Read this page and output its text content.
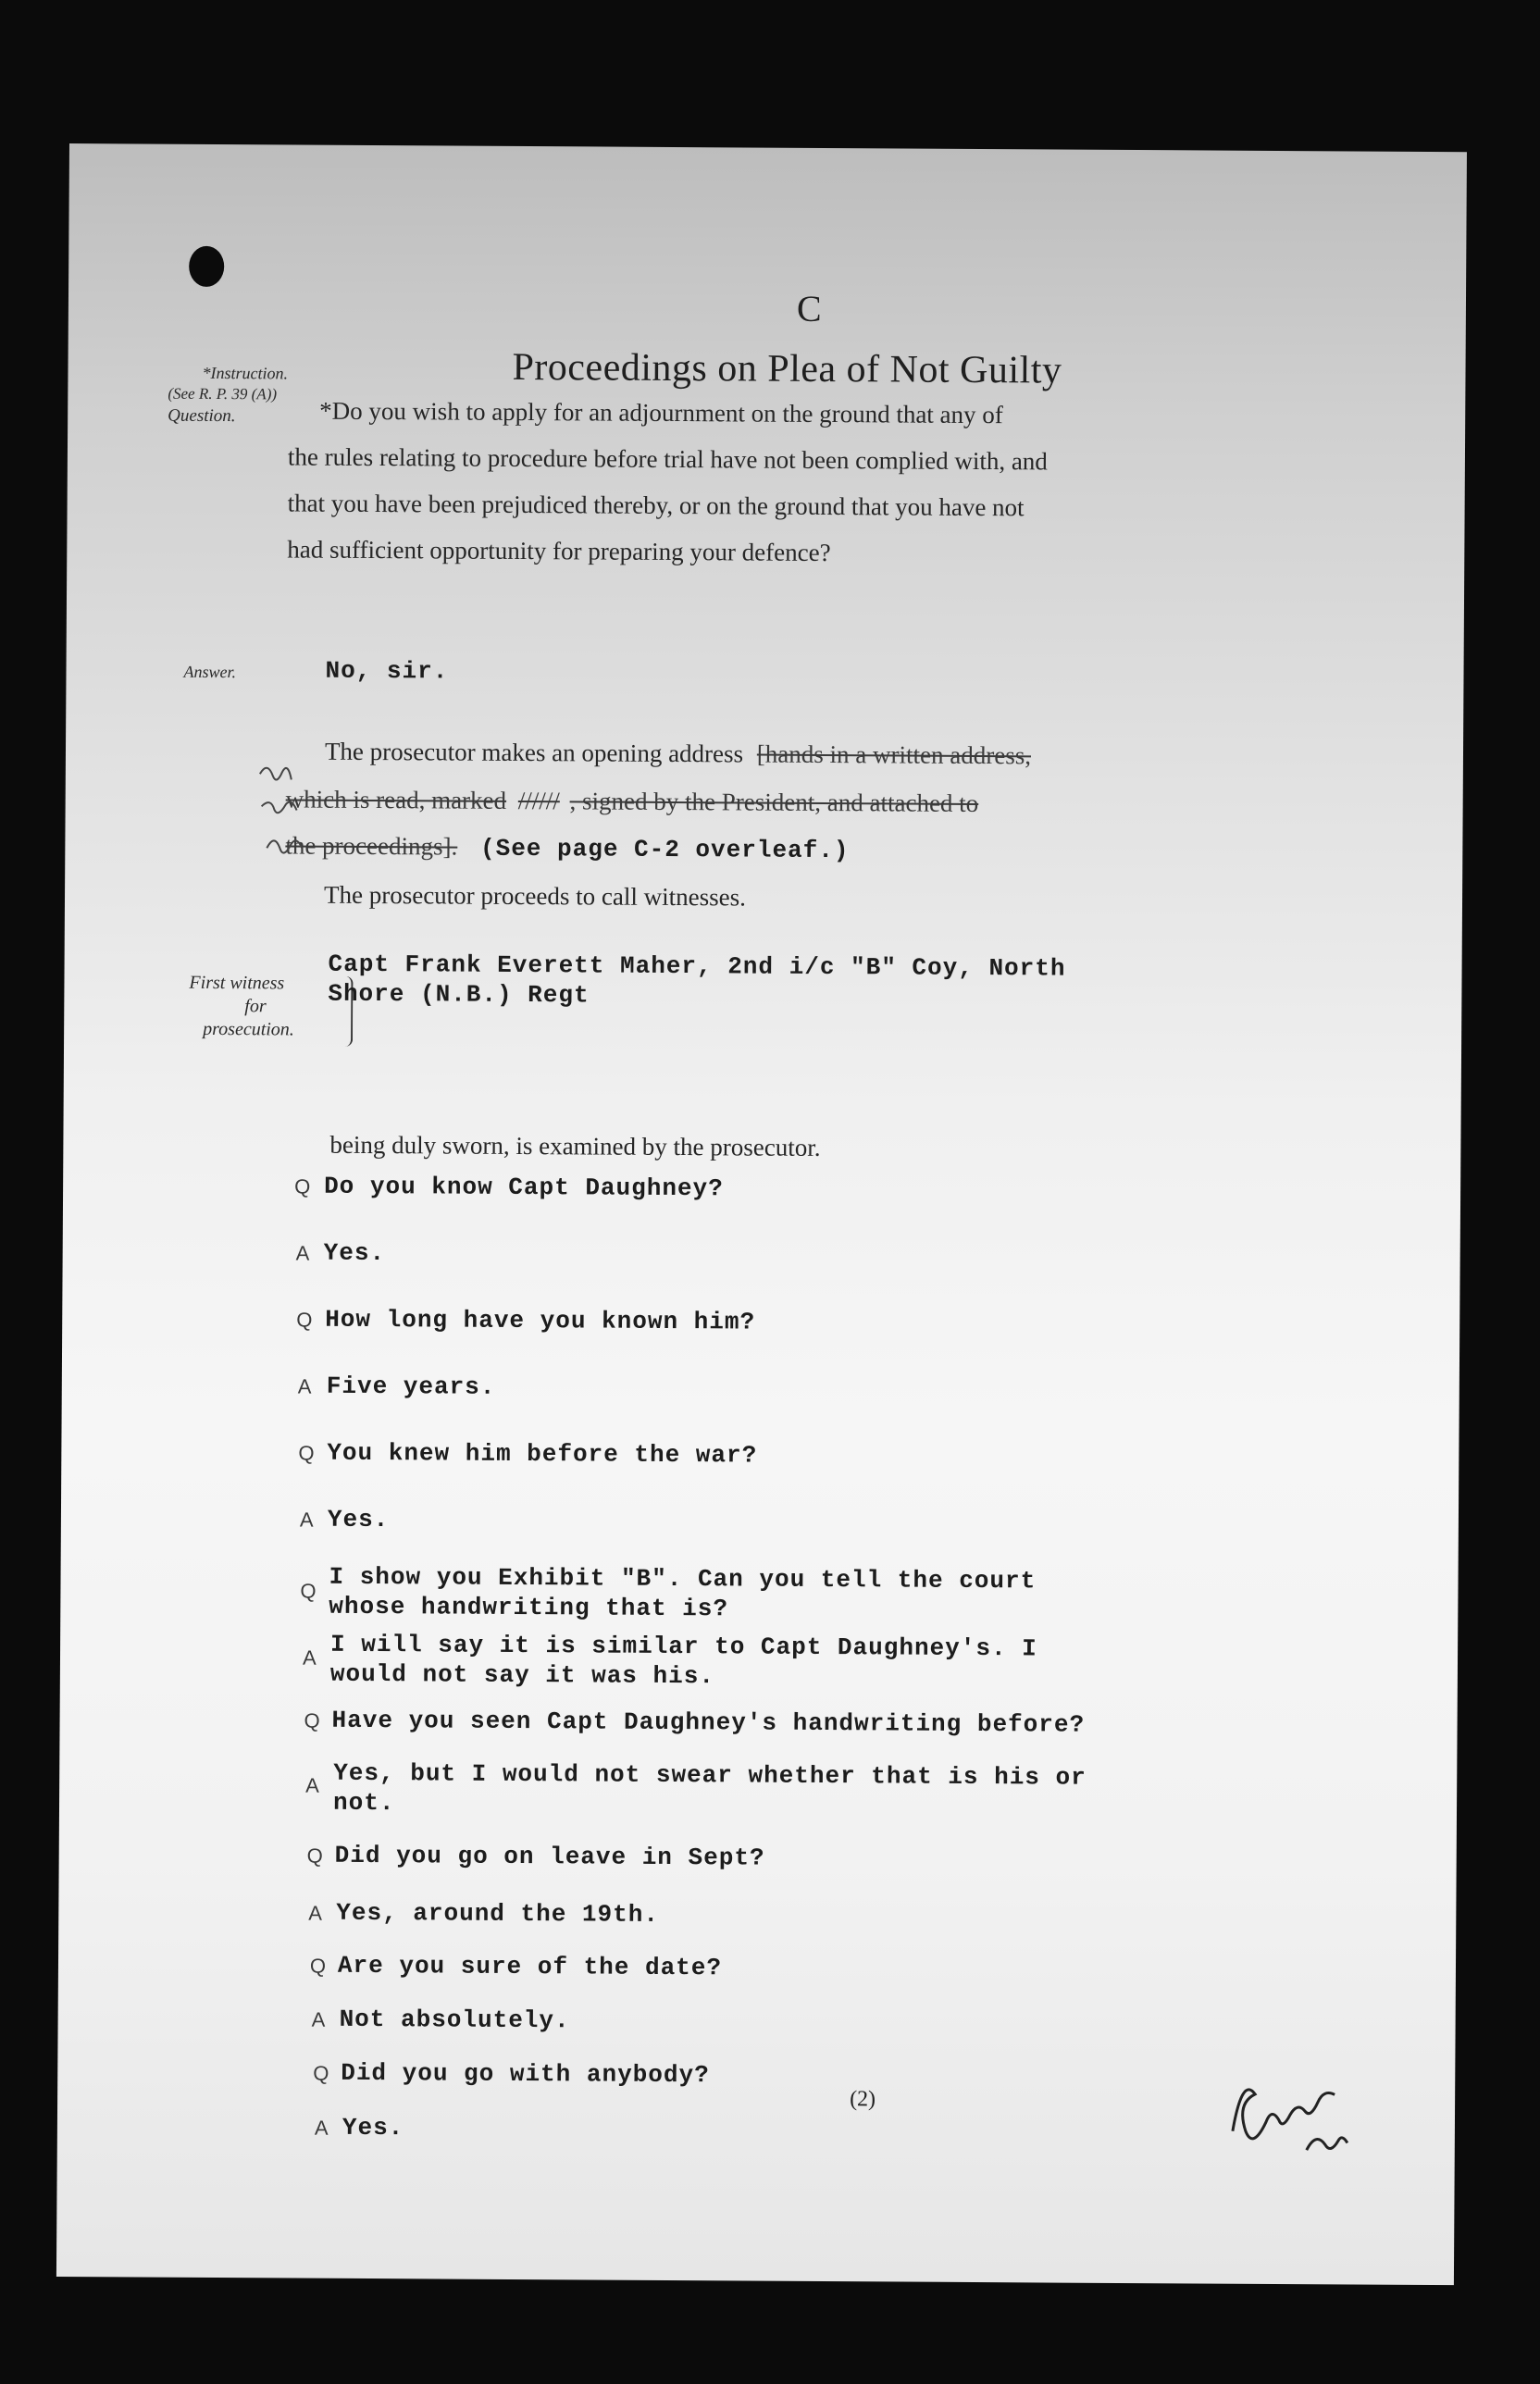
C
Proceedings on Plea of Not Guilty
*Instruction.
(See R. P. 39 (A))
Question.
Answer.
*Do you wish to apply for an adjournment on the ground that any of
the rules relating to procedure before trial have not been complied with, and
that you have been prejudiced thereby, or on the ground that you have not
had sufficient opportunity for preparing your defence?
No, sir.
The prosecutor makes an opening address [hands in a written address,
which is read, marked ////// , signed by the President, and attached to
the proceedings]. (See page C-2 overleaf.)
The prosecutor proceeds to call witnesses.
First witness
for
prosecution.
Capt Frank Everett Maher, 2nd i/c "B" Coy, North
Shore (N.B.) Regt
being duly sworn, is examined by the prosecutor.
Q Do you know Capt Daughney?
A Yes.
Q How long have you known him?
A Five years.
Q You knew him before the war?
A Yes.
Q I show you Exhibit "B". Can you tell the court
whose handwriting that is?
A I will say it is similar to Capt Daughney's. I
would not say it was his.
Q Have you seen Capt Daughney's handwriting before?
A Yes, but I would not swear whether that is his or
not.
Q Did you go on leave in Sept?
A Yes, around the 19th.
Q Are you sure of the date?
A Not absolutely.
Q Did you go with anybody?
A Yes.
(2)
